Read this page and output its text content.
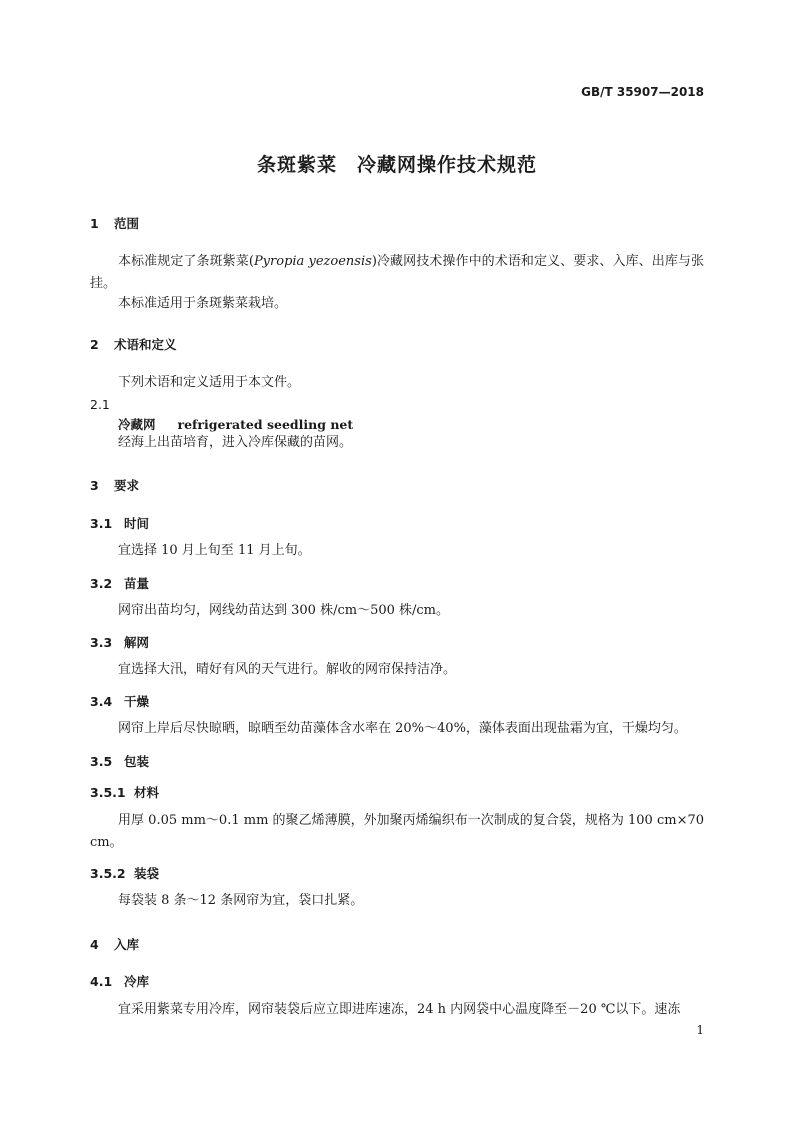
GB/T 35907—2018
条斑紫菜　冷藏网操作技术规范
1 范围
本标准规定了条斑紫菜(Pyropia yezoensis)冷藏网技术操作中的术语和定义、要求、入库、出库与张挂。
本标准适用于条斑紫菜栽培。
2 术语和定义
下列术语和定义适用于本文件。
2.1
冷藏网 refrigerated seedling net
经海上出苗培育，进入冷库保藏的苗网。
3 要求
3.1 时间
宜选择 10 月上旬至 11 月上旬。
3.2 苗量
网帘出苗均匀，网线幼苗达到 300 株/cm～500 株/cm。
3.3 解网
宜选择大汛，晴好有风的天气进行。解收的网帘保持洁净。
3.4 干燥
网帘上岸后尽快晾晒，晾晒至幼苗藻体含水率在 20%～40%，藻体表面出现盐霜为宜，干燥均匀。
3.5 包装
3.5.1 材料
用厚 0.05 mm～0.1 mm 的聚乙烯薄膜，外加聚丙烯编织布一次制成的复合袋，规格为 100 cm×70 cm。
3.5.2 装袋
每袋装 8 条～12 条网帘为宜，袋口扎紧。
4 入库
4.1 冷库
宜采用紫菜专用冷库，网帘装袋后应立即进库速冻，24 h 内网袋中心温度降至－20 ℃以下。速冻
1
